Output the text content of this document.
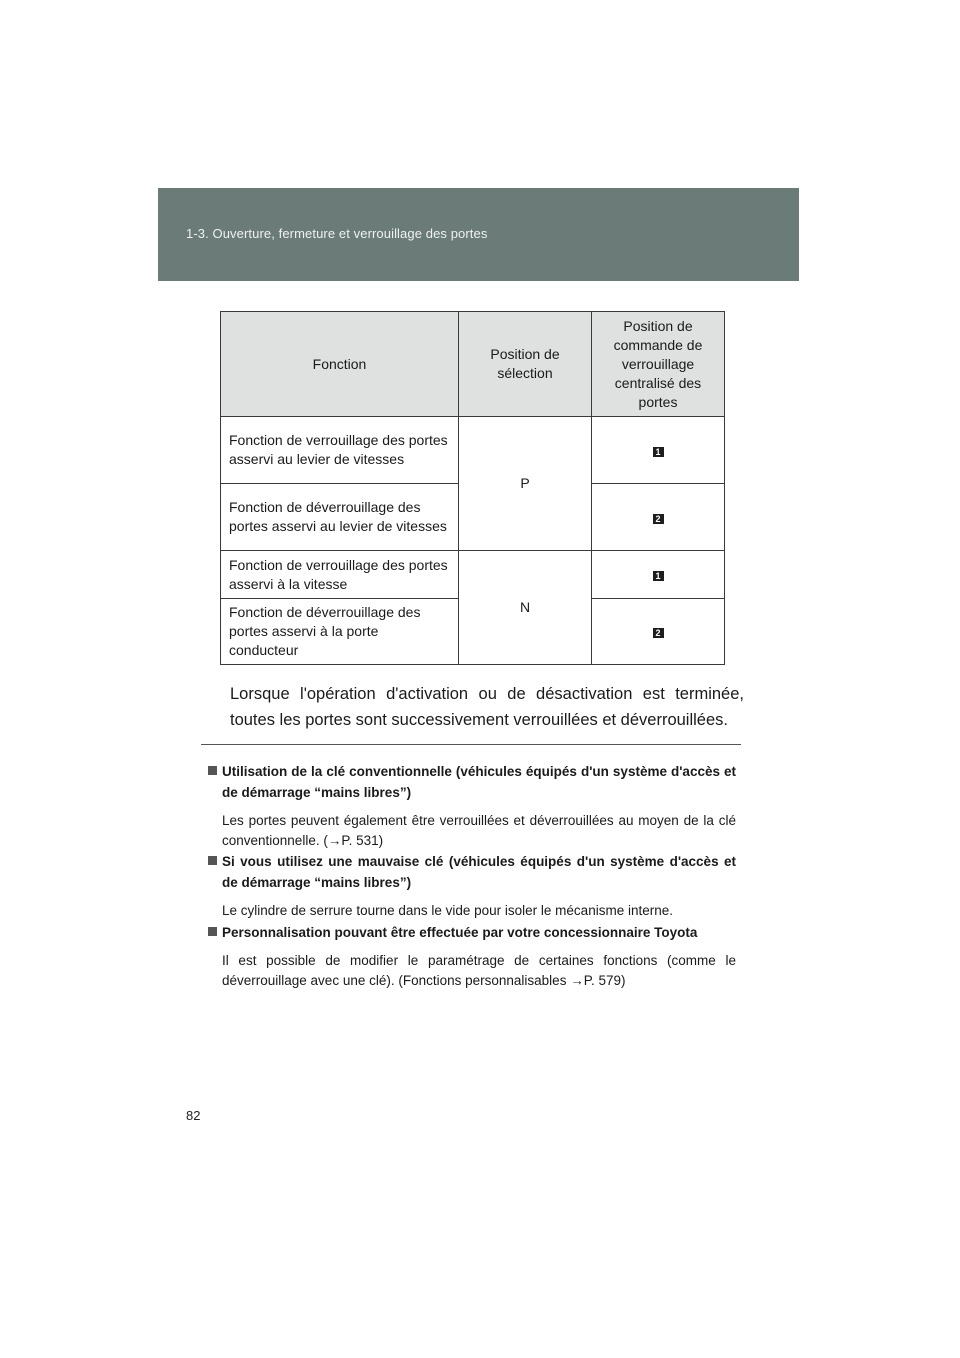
1-3. Ouverture, fermeture et verrouillage des portes
Fonction	Position de sélection	Position de commande de verrouillage centralisé des portes
Fonction de verrouillage des portes asservi au levier de vitesses	P	1
Fonction de déverrouillage des portes asservi au levier de vitesses		2
Fonction de verrouillage des portes asservi à la vitesse	N	1
Fonction de déverrouillage des portes asservi à la porte conducteur		2

Lorsque l'opération d'activation ou de désactivation est terminée, toutes les portes sont successivement verrouillées et déverrouillées.

Utilisation de la clé conventionnelle (véhicules équipés d'un système d'accès et de démarrage “mains libres”)

Les portes peuvent également être verrouillées et déverrouillées au moyen de la clé conventionnelle. (→P. 531)

Si vous utilisez une mauvaise clé (véhicules équipés d'un système d'accès et de démarrage “mains libres”)

Le cylindre de serrure tourne dans le vide pour isoler le mécanisme interne.

Personnalisation pouvant être effectuée par votre concessionnaire Toyota

Il est possible de modifier le paramétrage de certaines fonctions (comme le déverrouillage avec une clé). (Fonctions personnalisables →P. 579)

82
